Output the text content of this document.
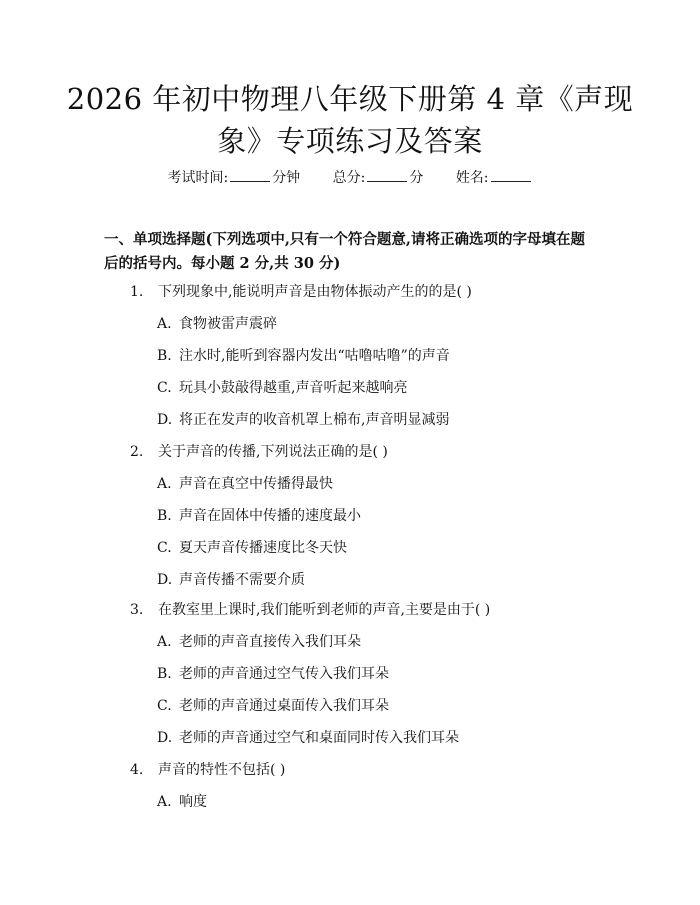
2026 年初中物理八年级下册第 4 章《声现
象》专项练习及答案
考试时间:	分钟 总分:	分 姓名:
一、单项选择题(下列选项中,只有一个符合题意,请将正确选项的字母填在题
后的括号内。每小题 2 分,共 30 分)
1. 下列现象中,能说明声音是由物体振动产生的的是( )
A. 食物被雷声震碎
B. 注水时,能听到容器内发出“咕噜咕噜”的声音
C. 玩具小鼓敲得越重,声音听起来越响亮
D. 将正在发声的收音机罩上棉布,声音明显减弱
2. 关于声音的传播,下列说法正确的是( )
A. 声音在真空中传播得最快
B. 声音在固体中传播的速度最小
C. 夏天声音传播速度比冬天快
D. 声音传播不需要介质
3. 在教室里上课时,我们能听到老师的声音,主要是由于( )
A. 老师的声音直接传入我们耳朵
B. 老师的声音通过空气传入我们耳朵
C. 老师的声音通过桌面传入我们耳朵
D. 老师的声音通过空气和桌面同时传入我们耳朵
4. 声音的特性不包括( )
A. 响度
